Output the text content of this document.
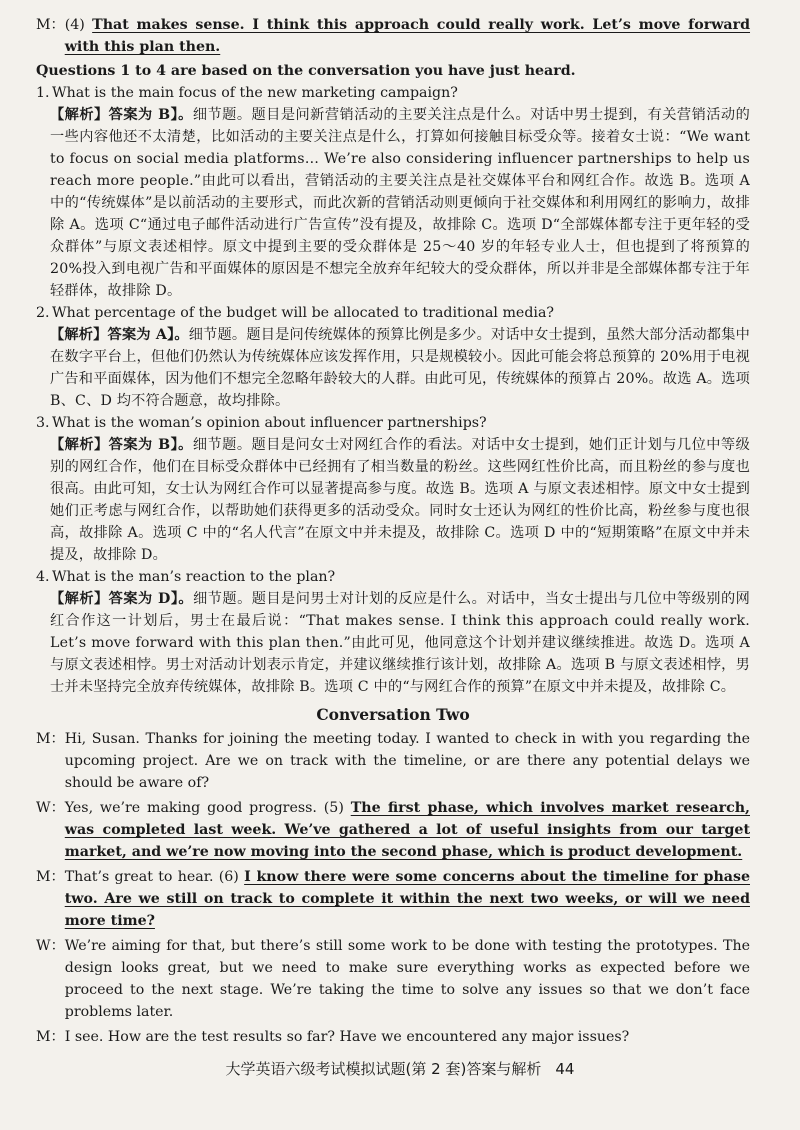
M： (4) That makes sense. I think this approach could really work. Let’s move forward with this plan then.
Questions 1 to 4 are based on the conversation you have just heard.
1. What is the main focus of the new marketing campaign?
【解析】答案为 B】。细节题。题目是问新营销活动的主要关注点是什么。对话中男士提到，有关营销活动的一些内容他还不太清楚，比如活动的主要关注点是什么，打算如何接触目标受众等。接着女士说：“We want to focus on social media platforms… We’re also considering influencer partnerships to help us reach more people.”由此可以看出，营销活动的主要关注点是社交媒体平台和网红合作。故选 B。选项 A 中的“传统媒体”是以前活动的主要形式，而此次新的营销活动则更倾向于社交媒体和利用网红的影响力，故排除 A。选项 C“通过电子邮件活动进行广告宣传”没有提及，故排除 C。选项 D“全部媒体都专注于更年轻的受众群体”与原文表述相悖。原文中提到主要的受众群体是 25～40 岁的年轻专业人士，但也提到了将预算的 20%投入到电视广告和平面媒体的原因是不想完全放弃年纪较大的受众群体，所以并非是全部媒体都专注于年轻群体，故排除 D。
2. What percentage of the budget will be allocated to traditional media?
【解析】答案为 A】。细节题。题目是问传统媒体的预算比例是多少。对话中女士提到，虽然大部分活动都集中在数字平台上，但他们仍然认为传统媒体应该发挥作用，只是规模较小。因此可能会将总预算的 20%用于电视广告和平面媒体，因为他们不想完全忽略年龄较大的人群。由此可见，传统媒体的预算占 20%。故选 A。选项 B、C、D 均不符合题意，故均排除。
3. What is the woman’s opinion about influencer partnerships?
【解析】答案为 B】。细节题。题目是问女士对网红合作的看法。对话中女士提到，她们正计划与几位中等级别的网红合作，他们在目标受众群体中已经拥有了相当数量的粉丝。这些网红性价比高，而且粉丝的参与度也很高。由此可知，女士认为网红合作可以显著提高参与度。故选 B。选项 A 与原文表述相悖。原文中女士提到她们正考虑与网红合作，以帮助她们获得更多的活动受众。同时女士还认为网红的性价比高，粉丝参与度也很高，故排除 A。选项 C 中的“名人代言”在原文中并未提及，故排除 C。选项 D 中的“短期策略”在原文中并未提及，故排除 D。
4. What is the man’s reaction to the plan?
【解析】答案为 D】。细节题。题目是问男士对计划的反应是什么。对话中，当女士提出与几位中等级别的网红合作这一计划后，男士在最后说：“That makes sense. I think this approach could really work. Let’s move forward with this plan then.”由此可见，他同意这个计划并建议继续推进。故选 D。选项 A 与原文表述相悖。男士对活动计划表示肯定，并建议继续推行该计划，故排除 A。选项 B 与原文表述相悖，男士并未坚持完全放弃传统媒体，故排除 B。选项 C 中的“与网红合作的预算”在原文中并未提及，故排除 C。
Conversation Two
M： Hi, Susan. Thanks for joining the meeting today. I wanted to check in with you regarding the upcoming project. Are we on track with the timeline, or are there any potential delays we should be aware of?
W： Yes, we’re making good progress. (5) The first phase, which involves market research, was completed last week. We’ve gathered a lot of useful insights from our target market, and we’re now moving into the second phase, which is product development.
M： That’s great to hear. (6) I know there were some concerns about the timeline for phase two. Are we still on track to complete it within the next two weeks, or will we need more time?
W： We’re aiming for that, but there’s still some work to be done with testing the prototypes. The design looks great, but we need to make sure everything works as expected before we proceed to the next stage. We’re taking the time to solve any issues so that we don’t face problems later.
M： I see. How are the test results so far? Have we encountered any major issues?
大学英语六级考试模拟试题(第 2 套)答案与解析 44
